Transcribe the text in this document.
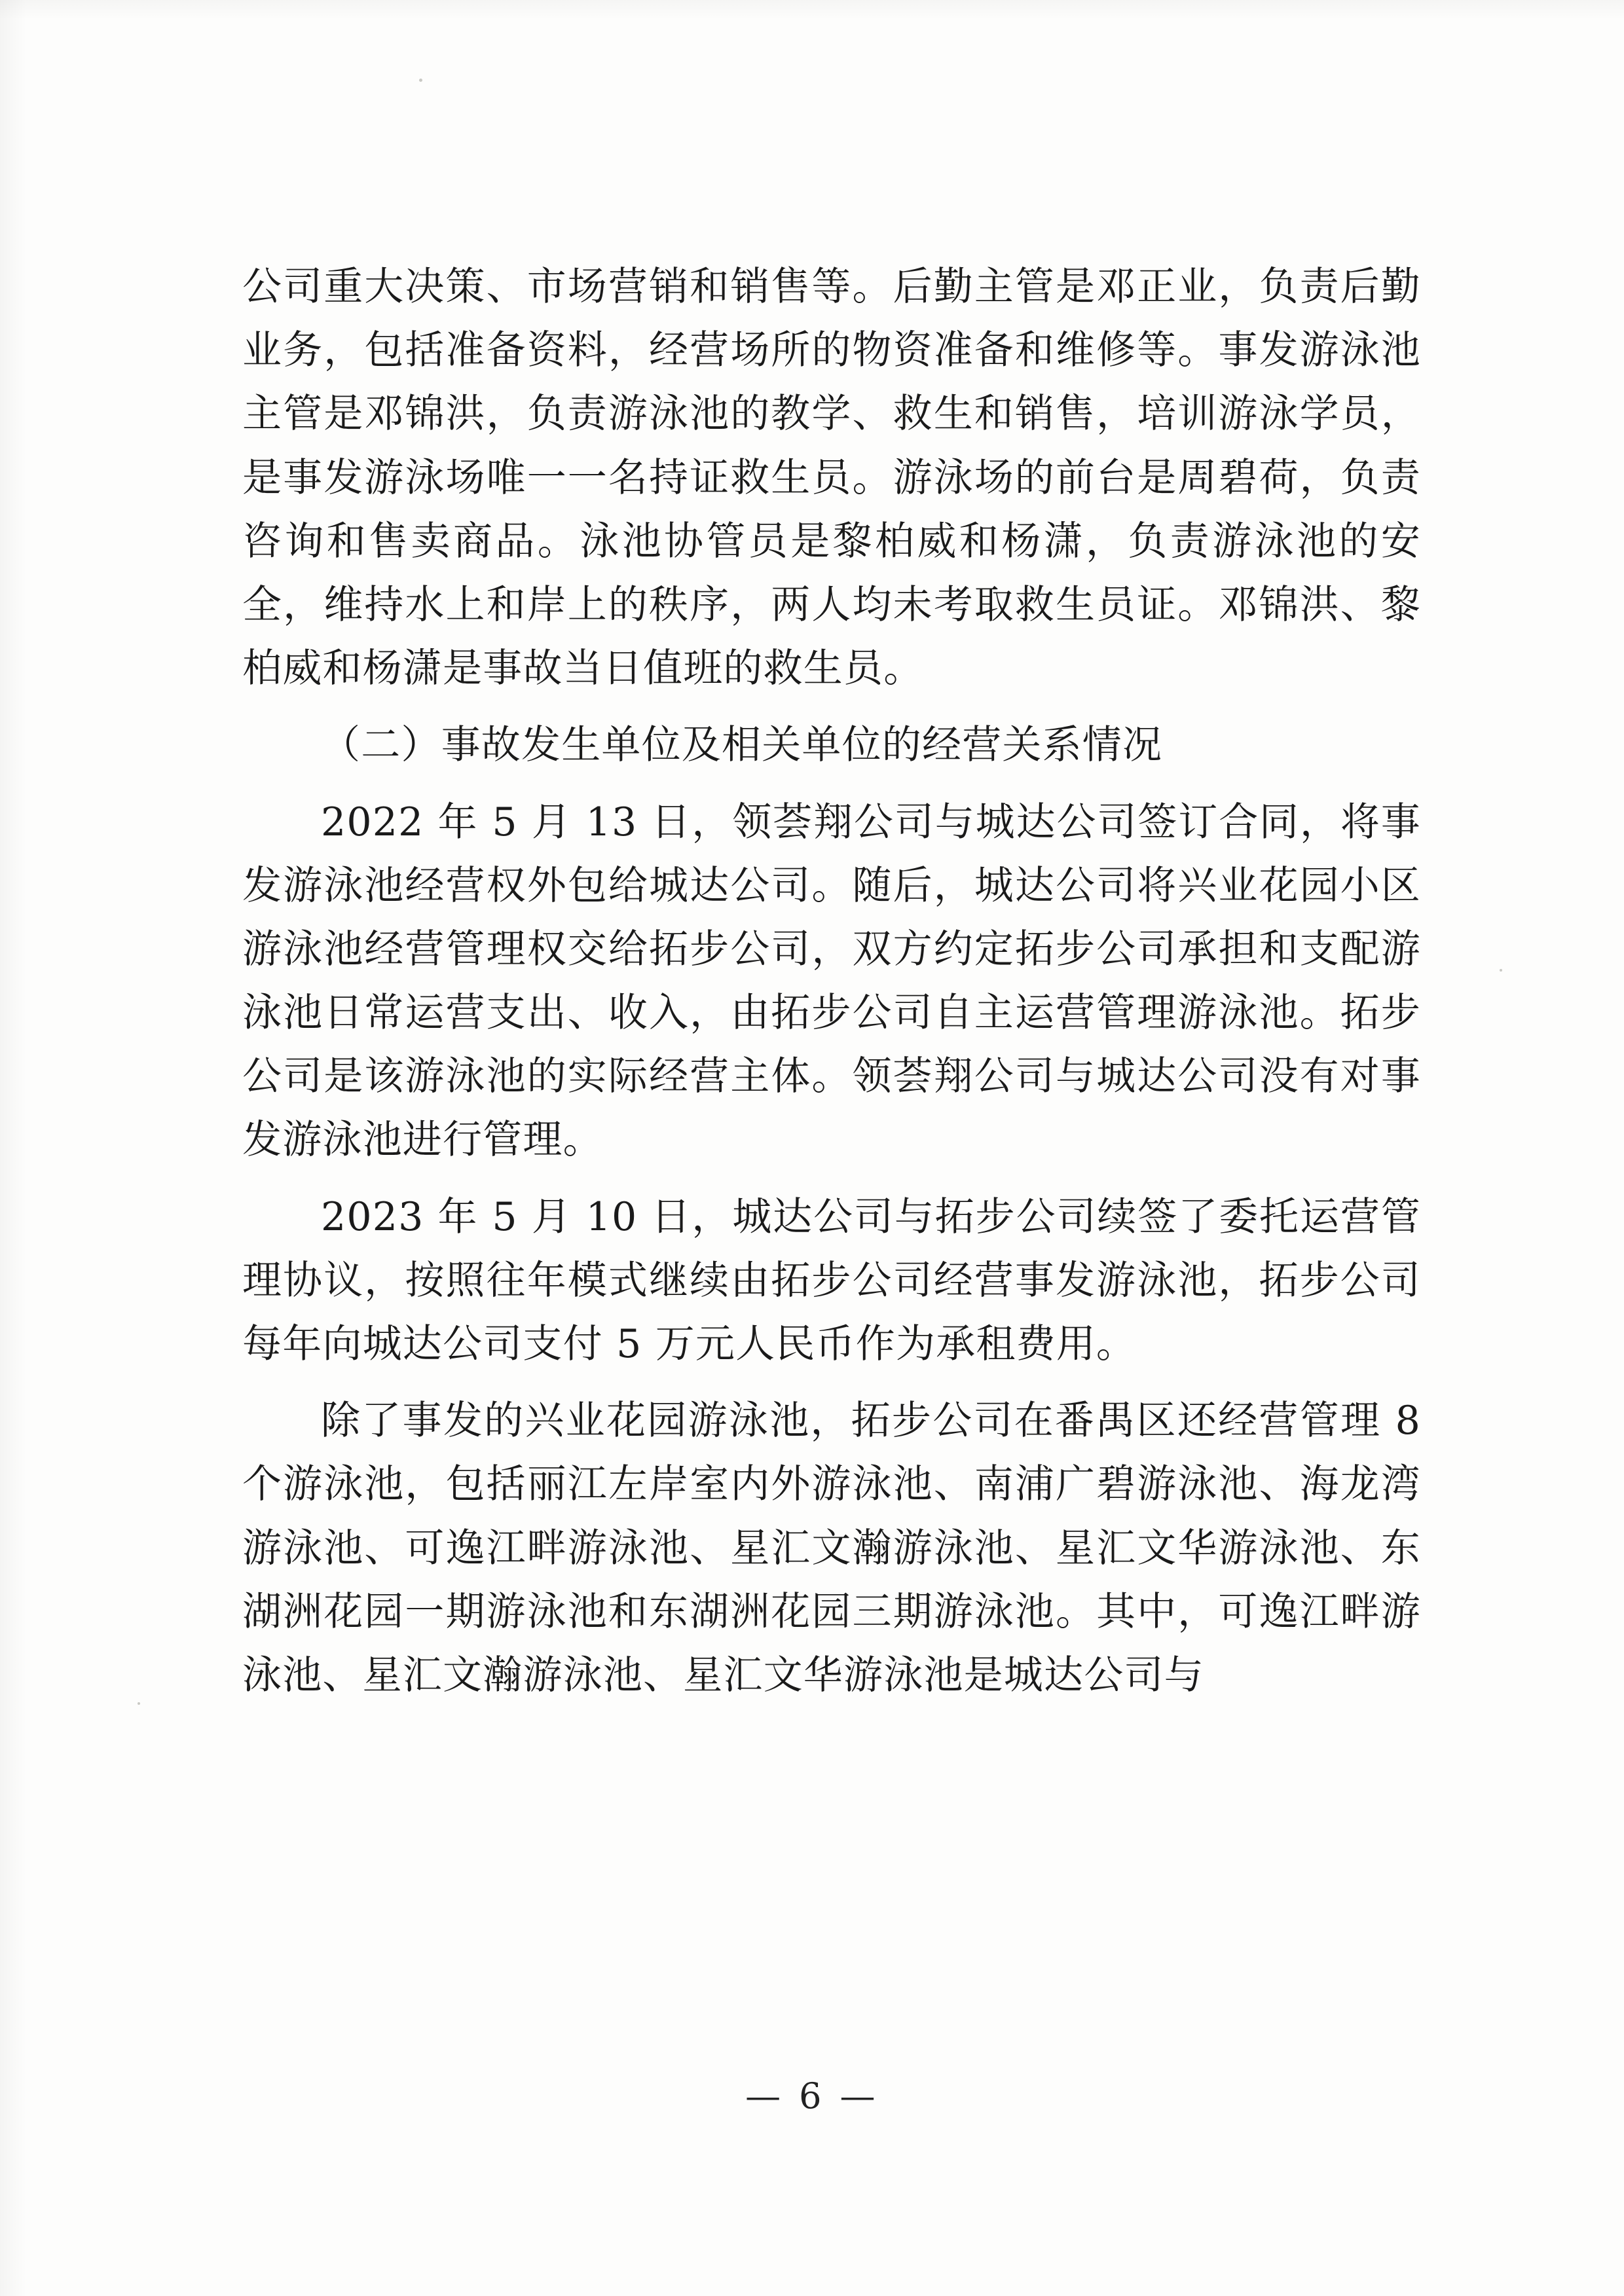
公司重大决策、市场营销和销售等。后勤主管是邓正业，负责后勤业务，包括准备资料，经营场所的物资准备和维修等。事发游泳池主管是邓锦洪，负责游泳池的教学、救生和销售，培训游泳学员，是事发游泳场唯一一名持证救生员。游泳场的前台是周碧荷，负责咨询和售卖商品。泳池协管员是黎柏威和杨潇，负责游泳池的安全，维持水上和岸上的秩序，两人均未考取救生员证。邓锦洪、黎柏威和杨潇是事故当日值班的救生员。

（二）事故发生单位及相关单位的经营关系情况

2022 年 5 月 13 日，领荟翔公司与城达公司签订合同，将事发游泳池经营权外包给城达公司。随后，城达公司将兴业花园小区游泳池经营管理权交给拓步公司，双方约定拓步公司承担和支配游泳池日常运营支出、收入，由拓步公司自主运营管理游泳池。拓步公司是该游泳池的实际经营主体。领荟翔公司与城达公司没有对事发游泳池进行管理。

2023 年 5 月 10 日，城达公司与拓步公司续签了委托运营管理协议，按照往年模式继续由拓步公司经营事发游泳池，拓步公司每年向城达公司支付 5 万元人民币作为承租费用。

除了事发的兴业花园游泳池，拓步公司在番禺区还经营管理 8 个游泳池，包括丽江左岸室内外游泳池、南浦广碧游泳池、海龙湾游泳池、可逸江畔游泳池、星汇文瀚游泳池、星汇文华游泳池、东湖洲花园一期游泳池和东湖洲花园三期游泳池。其中，可逸江畔游泳池、星汇文瀚游泳池、星汇文华游泳池是城达公司与

— 6 —
